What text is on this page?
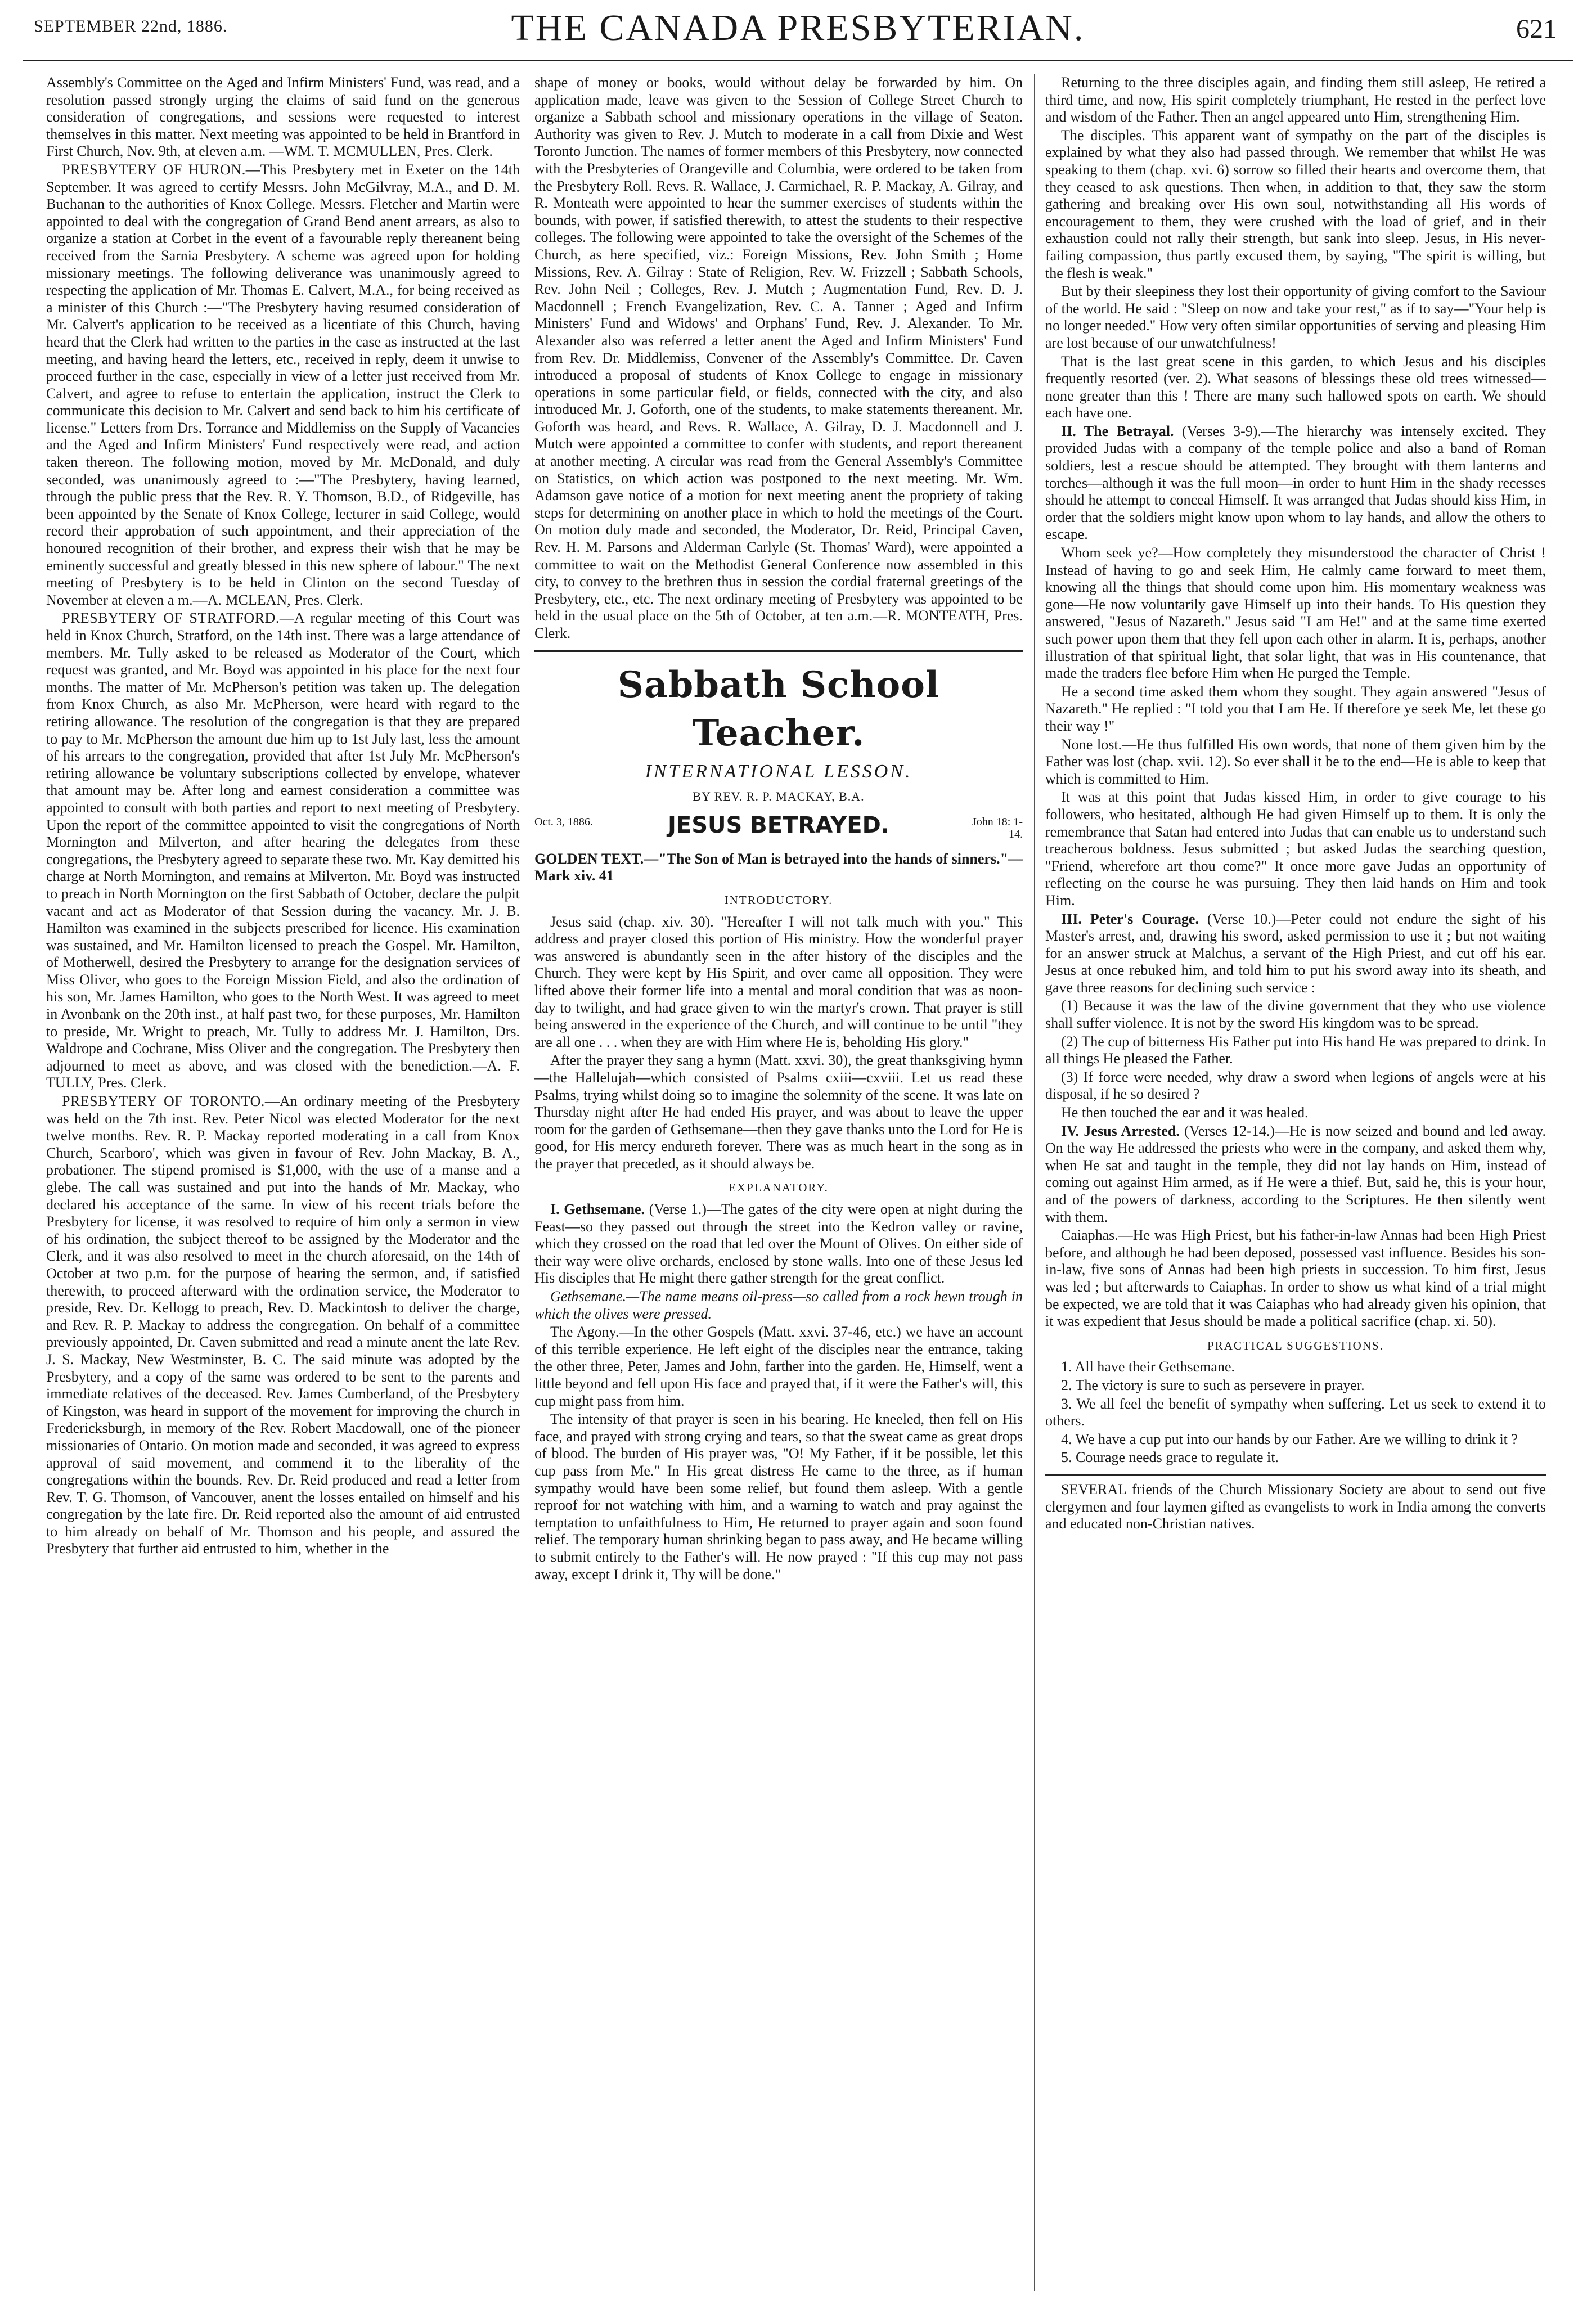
SEPTEMBER 22nd, 1886.	THE CANADA PRESBYTERIAN.	621

Assembly's Committee on the Aged and Infirm Ministers' Fund, was read, and a resolution passed strongly urging the claims of said fund on the generous consideration of congregations, and sessions were requested to interest themselves in this matter. Next meeting was appointed to be held in Brantford in First Church, Nov. 9th, at eleven a.m. —WM. T. MCMULLEN, Pres. Clerk.

PRESBYTERY OF HURON.—This Presbytery met in Exeter on the 14th September. It was agreed to certify Messrs. John McGilvray, M.A., and D. M. Buchanan to the authorities of Knox College. Messrs. Fletcher and Martin were appointed to deal with the congregation of Grand Bend anent arrears, as also to organize a station at Corbet in the event of a favourable reply thereanent being received from the Sarnia Presbytery. A scheme was agreed upon for holding missionary meetings. The following deliverance was unanimously agreed to respecting the application of Mr. Thomas E. Calvert, M.A., for being received as a minister of this Church :—"The Presbytery having resumed consideration of Mr. Calvert's application to be received as a licentiate of this Church, having heard that the Clerk had written to the parties in the case as instructed at the last meeting, and having heard the letters, etc., received in reply, deem it unwise to proceed further in the case, especially in view of a letter just received from Mr. Calvert, and agree to refuse to entertain the application, instruct the Clerk to communicate this decision to Mr. Calvert and send back to him his certificate of license." Letters from Drs. Torrance and Middlemiss on the Supply of Vacancies and the Aged and Infirm Ministers' Fund respectively were read, and action taken thereon. The following motion, moved by Mr. McDonald, and duly seconded, was unanimously agreed to :—"The Presbytery, having learned, through the public press that the Rev. R. Y. Thomson, B.D., of Ridgeville, has been appointed by the Senate of Knox College, lecturer in said College, would record their approbation of such appointment, and their appreciation of the honoured recognition of their brother, and express their wish that he may be eminently successful and greatly blessed in this new sphere of labour." The next meeting of Presbytery is to be held in Clinton on the second Tuesday of November at eleven a m.—A. MCLEAN, Pres. Clerk.

PRESBYTERY OF STRATFORD.—A regular meeting of this Court was held in Knox Church, Stratford, on the 14th inst. There was a large attendance of members. Mr. Tully asked to be released as Moderator of the Court, which request was granted, and Mr. Boyd was appointed in his place for the next four months. The matter of Mr. McPherson's petition was taken up. The delegation from Knox Church, as also Mr. McPherson, were heard with regard to the retiring allowance. The resolution of the congregation is that they are prepared to pay to Mr. McPherson the amount due him up to 1st July last, less the amount of his arrears to the congregation, provided that after 1st July Mr. McPherson's retiring allowance be voluntary subscriptions collected by envelope, whatever that amount may be. After long and earnest consideration a committee was appointed to consult with both parties and report to next meeting of Presbytery. Upon the report of the committee appointed to visit the congregations of North Mornington and Milverton, and after hearing the delegates from these congregations, the Presbytery agreed to separate these two. Mr. Kay demitted his charge at North Mornington, and remains at Milverton. Mr. Boyd was instructed to preach in North Mornington on the first Sabbath of October, declare the pulpit vacant and act as Moderator of that Session during the vacancy. Mr. J. B. Hamilton was examined in the subjects prescribed for licence. His examination was sustained, and Mr. Hamilton licensed to preach the Gospel. Mr. Hamilton, of Motherwell, desired the Presbytery to arrange for the designation services of Miss Oliver, who goes to the Foreign Mission Field, and also the ordination of his son, Mr. James Hamilton, who goes to the North West. It was agreed to meet in Avonbank on the 20th inst., at half past two, for these purposes, Mr. Hamilton to preside, Mr. Wright to preach, Mr. Tully to address Mr. J. Hamilton, Drs. Waldrope and Cochrane, Miss Oliver and the congregation. The Presbytery then adjourned to meet as above, and was closed with the benediction.—A. F. TULLY, Pres. Clerk.

PRESBYTERY OF TORONTO.—An ordinary meeting of the Presbytery was held on the 7th inst. Rev. Peter Nicol was elected Moderator for the next twelve months. Rev. R. P. Mackay reported moderating in a call from Knox Church, Scarboro', which was given in favour of Rev. John Mackay, B. A., probationer. The stipend promised is $1,000, with the use of a manse and a glebe. The call was sustained and put into the hands of Mr. Mackay, who declared his acceptance of the same. In view of his recent trials before the Presbytery for license, it was resolved to require of him only a sermon in view of his ordination, the subject thereof to be assigned by the Moderator and the Clerk, and it was also resolved to meet in the church aforesaid, on the 14th of October at two p.m. for the purpose of hearing the sermon, and, if satisfied therewith, to proceed afterward with the ordination service, the Moderator to preside, Rev. Dr. Kellogg to preach, Rev. D. Mackintosh to deliver the charge, and Rev. R. P. Mackay to address the congregation. On behalf of a committee previously appointed, Dr. Caven submitted and read a minute anent the late Rev. J. S. Mackay, New Westminster, B. C. The said minute was adopted by the Presbytery, and a copy of the same was ordered to be sent to the parents and immediate relatives of the deceased. Rev. James Cumberland, of the Presbytery of Kingston, was heard in support of the movement for improving the church in Fredericksburgh, in memory of the Rev. Robert Macdowall, one of the pioneer missionaries of Ontario. On motion made and seconded, it was agreed to express approval of said movement, and commend it to the liberality of the congregations within the bounds. Rev. Dr. Reid produced and read a letter from Rev. T. G. Thomson, of Vancouver, anent the losses entailed on himself and his congregation by the late fire. Dr. Reid reported also the amount of aid entrusted to him already on behalf of Mr. Thomson and his people, and assured the Presbytery that further aid entrusted to him, whether in the

shape of money or books, would without delay be forwarded by him. On application made, leave was given to the Session of College Street Church to organize a Sabbath school and missionary operations in the village of Seaton. Authority was given to Rev. J. Mutch to moderate in a call from Dixie and West Toronto Junction. The names of former members of this Presbytery, now connected with the Presbyteries of Orangeville and Columbia, were ordered to be taken from the Presbytery Roll. Revs. R. Wallace, J. Carmichael, R. P. Mackay, A. Gilray, and R. Monteath were appointed to hear the summer exercises of students within the bounds, with power, if satisfied therewith, to attest the students to their respective colleges. The following were appointed to take the oversight of the Schemes of the Church, as here specified, viz.: Foreign Missions, Rev. John Smith ; Home Missions, Rev. A. Gilray : State of Religion, Rev. W. Frizzell ; Sabbath Schools, Rev. John Neil ; Colleges, Rev. J. Mutch ; Augmentation Fund, Rev. D. J. Macdonnell ; French Evangelization, Rev. C. A. Tanner ; Aged and Infirm Ministers' Fund and Widows' and Orphans' Fund, Rev. J. Alexander. To Mr. Alexander also was referred a letter anent the Aged and Infirm Ministers' Fund from Rev. Dr. Middlemiss, Convener of the Assembly's Committee. Dr. Caven introduced a proposal of students of Knox College to engage in missionary operations in some particular field, or fields, connected with the city, and also introduced Mr. J. Goforth, one of the students, to make statements thereanent. Mr. Goforth was heard, and Revs. R. Wallace, A. Gilray, D. J. Macdonnell and J. Mutch were appointed a committee to confer with students, and report thereanent at another meeting. A circular was read from the General Assembly's Committee on Statistics, on which action was postponed to the next meeting. Mr. Wm. Adamson gave notice of a motion for next meeting anent the propriety of taking steps for determining on another place in which to hold the meetings of the Court. On motion duly made and seconded, the Moderator, Dr. Reid, Principal Caven, Rev. H. M. Parsons and Alderman Carlyle (St. Thomas' Ward), were appointed a committee to wait on the Methodist General Conference now assembled in this city, to convey to the brethren thus in session the cordial fraternal greetings of the Presbytery, etc., etc. The next ordinary meeting of Presbytery was appointed to be held in the usual place on the 5th of October, at ten a.m.—R. MONTEATH, Pres. Clerk.

Sabbath School Teacher.
INTERNATIONAL LESSON.
BY REV. R. P. MACKAY, B.A.
Oct. 3, 1886.	JESUS BETRAYED.	John 18: 1-14.

GOLDEN TEXT.—"The Son of Man is betrayed into the hands of sinners."—Mark xiv. 41

INTRODUCTORY.

Jesus said (chap. xiv. 30). "Hereafter I will not talk much with you." This address and prayer closed this portion of His ministry. How the wonderful prayer was answered is abundantly seen in the after history of the disciples and the Church. They were kept by His Spirit, and over came all opposition. They were lifted above their former life into a mental and moral condition that was as noon-day to twilight, and had grace given to win the martyr's crown. That prayer is still being answered in the experience of the Church, and will continue to be until "they are all one . . . when they are with Him where He is, beholding His glory."

After the prayer they sang a hymn (Matt. xxvi. 30), the great thanksgiving hymn—the Hallelujah—which consisted of Psalms cxiii—cxviii. Let us read these Psalms, trying whilst doing so to imagine the solemnity of the scene. It was late on Thursday night after He had ended His prayer, and was about to leave the upper room for the garden of Gethsemane—then they gave thanks unto the Lord for He is good, for His mercy endureth forever. There was as much heart in the song as in the prayer that preceded, as it should always be.

EXPLANATORY.

I. Gethsemane. (Verse 1.)—The gates of the city were open at night during the Feast—so they passed out through the street into the Kedron valley or ravine, which they crossed on the road that led over the Mount of Olives. On either side of their way were olive orchards, enclosed by stone walls. Into one of these Jesus led His disciples that He might there gather strength for the great conflict.

Gethsemane.—The name means oil-press—so called from a rock hewn trough in which the olives were pressed.

The Agony.—In the other Gospels (Matt. xxvi. 37-46, etc.) we have an account of this terrible experience. He left eight of the disciples near the entrance, taking the other three, Peter, James and John, farther into the garden. He, Himself, went a little beyond and fell upon His face and prayed that, if it were the Father's will, this cup might pass from him.

The intensity of that prayer is seen in his bearing. He kneeled, then fell on His face, and prayed with strong crying and tears, so that the sweat came as great drops of blood. The burden of His prayer was, "O! My Father, if it be possible, let this cup pass from Me." In His great distress He came to the three, as if human sympathy would have been some relief, but found them asleep. With a gentle reproof for not watching with him, and a warning to watch and pray against the temptation to unfaithfulness to Him, He returned to prayer again and soon found relief. The temporary human shrinking began to pass away, and He became willing to submit entirely to the Father's will. He now prayed : "If this cup may not pass away, except I drink it, Thy will be done."

Returning to the three disciples again, and finding them still asleep, He retired a third time, and now, His spirit completely triumphant, He rested in the perfect love and wisdom of the Father. Then an angel appeared unto Him, strengthening Him.

The disciples. This apparent want of sympathy on the part of the disciples is explained by what they also had passed through. We remember that whilst He was speaking to them (chap. xvi. 6) sorrow so filled their hearts and overcome them, that they ceased to ask questions. Then when, in addition to that, they saw the storm gathering and breaking over His own soul, notwithstanding all His words of encouragement to them, they were crushed with the load of grief, and in their exhaustion could not rally their strength, but sank into sleep. Jesus, in His never-failing compassion, thus partly excused them, by saying, "The spirit is willing, but the flesh is weak."

But by their sleepiness they lost their opportunity of giving comfort to the Saviour of the world. He said : "Sleep on now and take your rest," as if to say—"Your help is no longer needed." How very often similar opportunities of serving and pleasing Him are lost because of our unwatchfulness!

That is the last great scene in this garden, to which Jesus and his disciples frequently resorted (ver. 2). What seasons of blessings these old trees witnessed—none greater than this ! There are many such hallowed spots on earth. We should each have one.

II. The Betrayal. (Verses 3-9).—The hierarchy was intensely excited. They provided Judas with a company of the temple police and also a band of Roman soldiers, lest a rescue should be attempted. They brought with them lanterns and torches—although it was the full moon—in order to hunt Him in the shady recesses should he attempt to conceal Himself. It was arranged that Judas should kiss Him, in order that the soldiers might know upon whom to lay hands, and allow the others to escape.

Whom seek ye?—How completely they misunderstood the character of Christ ! Instead of having to go and seek Him, He calmly came forward to meet them, knowing all the things that should come upon him. His momentary weakness was gone—He now voluntarily gave Himself up into their hands. To His question they answered, "Jesus of Nazareth." Jesus said "I am He!" and at the same time exerted such power upon them that they fell upon each other in alarm. It is, perhaps, another illustration of that spiritual light, that solar light, that was in His countenance, that made the traders flee before Him when He purged the Temple.

He a second time asked them whom they sought. They again answered "Jesus of Nazareth." He replied : "I told you that I am He. If therefore ye seek Me, let these go their way !"

None lost.—He thus fulfilled His own words, that none of them given him by the Father was lost (chap. xvii. 12). So ever shall it be to the end—He is able to keep that which is committed to Him.

It was at this point that Judas kissed Him, in order to give courage to his followers, who hesitated, although He had given Himself up to them. It is only the remembrance that Satan had entered into Judas that can enable us to understand such treacherous boldness. Jesus submitted ; but asked Judas the searching question, "Friend, wherefore art thou come?" It once more gave Judas an opportunity of reflecting on the course he was pursuing. They then laid hands on Him and took Him.

III. Peter's Courage. (Verse 10.)—Peter could not endure the sight of his Master's arrest, and, drawing his sword, asked permission to use it ; but not waiting for an answer struck at Malchus, a servant of the High Priest, and cut off his ear. Jesus at once rebuked him, and told him to put his sword away into its sheath, and gave three reasons for declining such service :

(1) Because it was the law of the divine government that they who use violence shall suffer violence. It is not by the sword His kingdom was to be spread.

(2) The cup of bitterness His Father put into His hand He was prepared to drink. In all things He pleased the Father.

(3) If force were needed, why draw a sword when legions of angels were at his disposal, if he so desired ?

He then touched the ear and it was healed.

IV. Jesus Arrested. (Verses 12-14.)—He is now seized and bound and led away. On the way He addressed the priests who were in the company, and asked them why, when He sat and taught in the temple, they did not lay hands on Him, instead of coming out against Him armed, as if He were a thief. But, said he, this is your hour, and of the powers of darkness, according to the Scriptures. He then silently went with them.

Caiaphas.—He was High Priest, but his father-in-law Annas had been High Priest before, and although he had been deposed, possessed vast influence. Besides his son-in-law, five sons of Annas had been high priests in succession. To him first, Jesus was led ; but afterwards to Caiaphas. In order to show us what kind of a trial might be expected, we are told that it was Caiaphas who had already given his opinion, that it was expedient that Jesus should be made a political sacrifice (chap. xi. 50).

PRACTICAL SUGGESTIONS.

1. All have their Gethsemane.

2. The victory is sure to such as persevere in prayer.

3. We all feel the benefit of sympathy when suffering. Let us seek to extend it to others.

4. We have a cup put into our hands by our Father. Are we willing to drink it ?

5. Courage needs grace to regulate it.

SEVERAL friends of the Church Missionary Society are about to send out five clergymen and four laymen gifted as evangelists to work in India among the converts and educated non-Christian natives.
